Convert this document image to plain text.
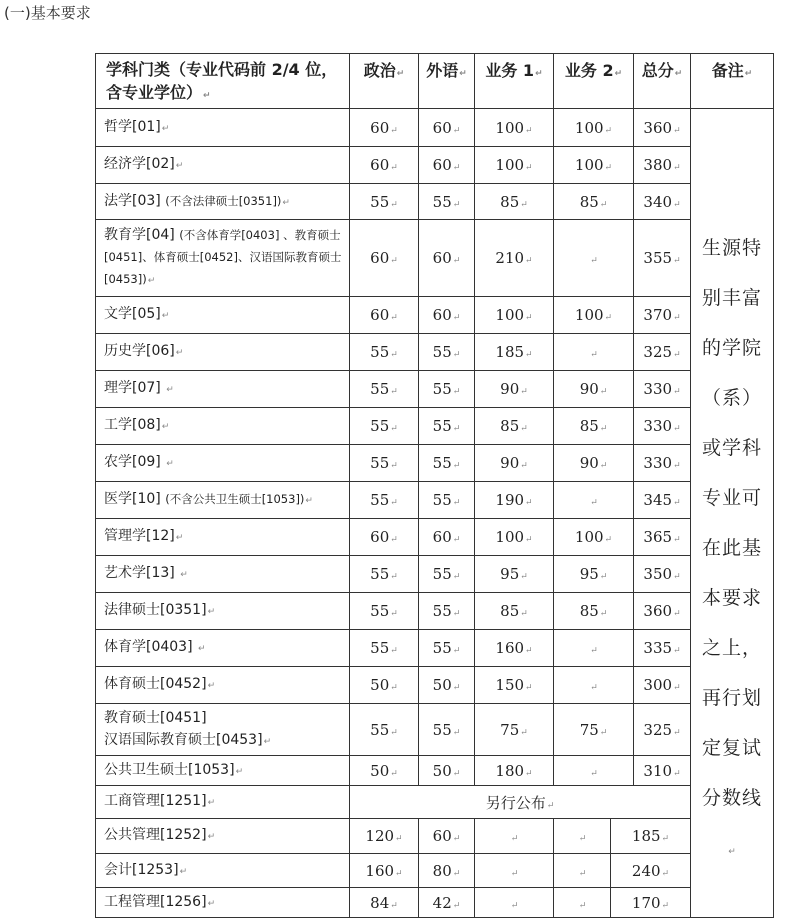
(一)基本要求
学科门类（专业代码前 2/4 位，含专业学位） ↵	政治 ↵	外语 ↵	业务 1 ↵	业务 2 ↵		总分 ↵	备注 ↵
哲学[01] ↵	60 ↵	60 ↵	100 ↵	100 ↵		360 ↵	生源特别丰富的学院（系）或学科专业可在此基本要求之上，再行划定复试分数线 ↵

经济学[02] ↵	60 ↵	60 ↵	100 ↵	100 ↵		380 ↵
法学[03] (不含法律硕士[0351]) ↵	55 ↵	55 ↵	85 ↵	85 ↵		340 ↵
教育学[04] (不含体育学[0403] 、教育硕士[0451]、体育硕士[0452]、汉语国际教育硕士[0453]) ↵	60 ↵	60 ↵	210 ↵	↵		355 ↵
文学[05] ↵	60 ↵	60 ↵	100 ↵	100 ↵		370 ↵
历史学[06] ↵	55 ↵	55 ↵	185 ↵	↵		325 ↵
理学[07] ↵	55 ↵	55 ↵	90 ↵	90 ↵		330 ↵
工学[08] ↵	55 ↵	55 ↵	85 ↵	85 ↵		330 ↵
农学[09] ↵	55 ↵	55 ↵	90 ↵	90 ↵		330 ↵
医学[10] (不含公共卫生硕士[1053]) ↵	55 ↵	55 ↵	190 ↵	↵		345 ↵
管理学[12] ↵	60 ↵	60 ↵	100 ↵	100 ↵		365 ↵
艺术学[13] ↵	55 ↵	55 ↵	95 ↵	95 ↵		350 ↵
法律硕士[0351] ↵	55 ↵	55 ↵	85 ↵	85 ↵		360 ↵
体育学[0403] ↵	55 ↵	55 ↵	160 ↵	↵		335 ↵
体育硕士[0452] ↵	50 ↵	50 ↵	150 ↵	↵		300 ↵
教育硕士[0451]
汉语国际教育硕士[0453] ↵	55 ↵	55 ↵	75 ↵	75 ↵		325 ↵
公共卫生硕士[1053] ↵	50 ↵	50 ↵	180 ↵	↵		310 ↵
工商管理[1251] ↵	另行公布 ↵
公共管理[1252] ↵	120 ↵	60 ↵	↵	↵	185 ↵
会计[1253] ↵	160 ↵	80 ↵	↵	↵	240 ↵
工程管理[1256] ↵	84 ↵	42 ↵	↵	↵	170 ↵
